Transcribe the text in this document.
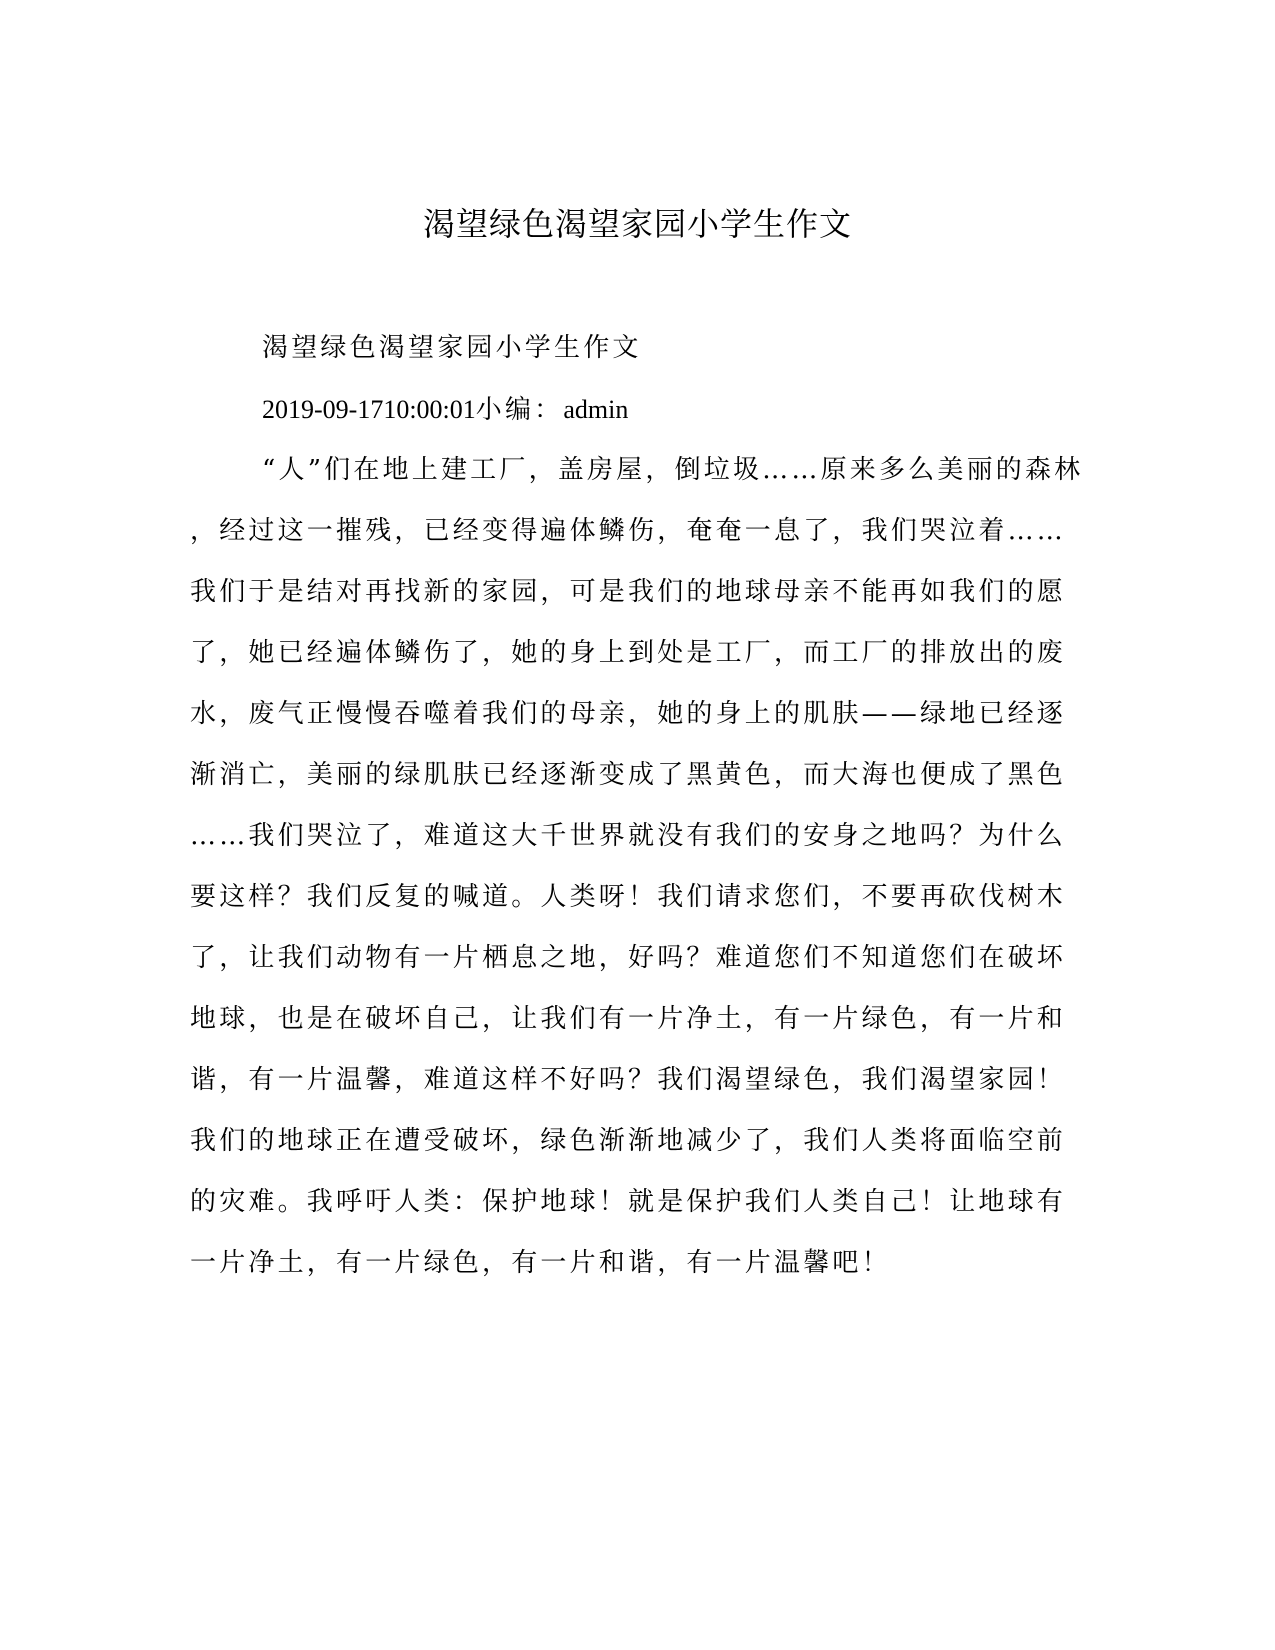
渴望绿色渴望家园小学生作文
渴望绿色渴望家园小学生作文
2019-09-1710:00:01小编：admin
“人”们在地上建工厂，盖房屋，倒垃圾……原来多么美丽的森林
，经过这一摧残，已经变得遍体鳞伤，奄奄一息了，我们哭泣着……
我们于是结对再找新的家园，可是我们的地球母亲不能再如我们的愿
了，她已经遍体鳞伤了，她的身上到处是工厂，而工厂的排放出的废
水，废气正慢慢吞噬着我们的母亲，她的身上的肌肤——绿地已经逐
渐消亡，美丽的绿肌肤已经逐渐变成了黑黄色，而大海也便成了黑色
……我们哭泣了，难道这大千世界就没有我们的安身之地吗？为什么
要这样？我们反复的喊道。人类呀！我们请求您们，不要再砍伐树木
了，让我们动物有一片栖息之地，好吗？难道您们不知道您们在破坏
地球，也是在破坏自己，让我们有一片净土，有一片绿色，有一片和
谐，有一片温馨，难道这样不好吗？我们渴望绿色，我们渴望家园！
我们的地球正在遭受破坏，绿色渐渐地减少了，我们人类将面临空前
的灾难。我呼吁人类：保护地球！就是保护我们人类自己！让地球有
一片净土，有一片绿色，有一片和谐，有一片温馨吧！
